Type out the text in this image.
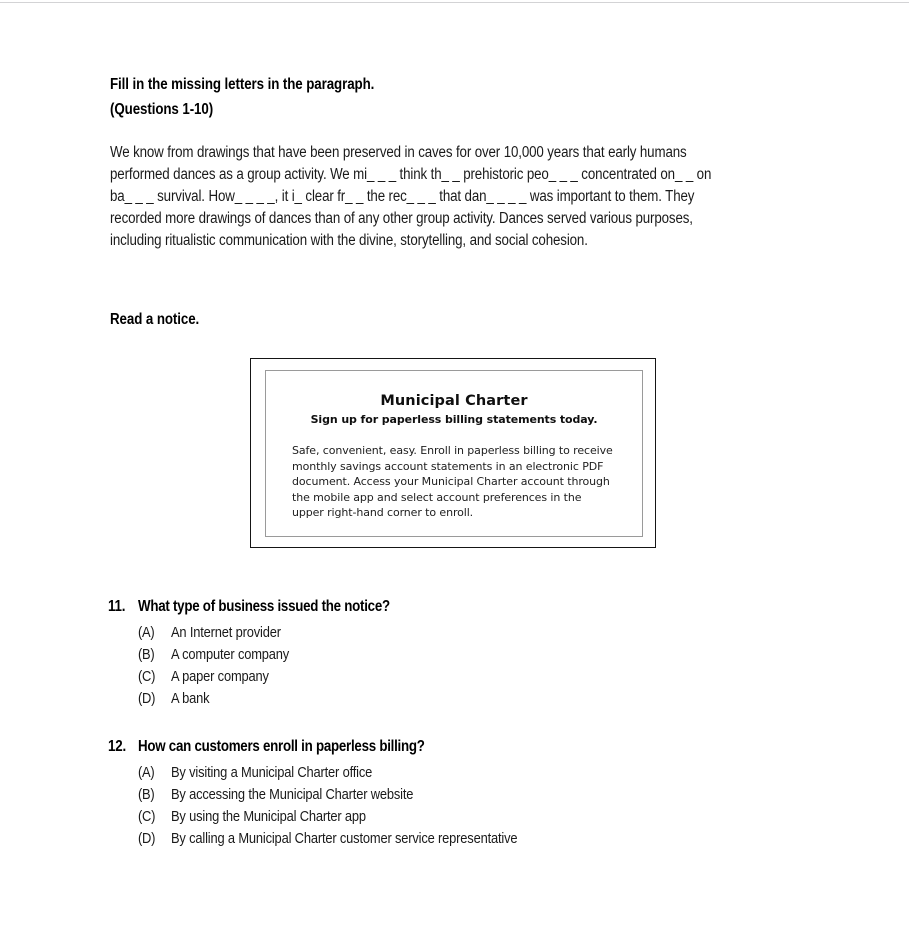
Fill in the missing letters in the paragraph.
(Questions 1-10)
We know from drawings that have been preserved in caves for over 10,000 years that early humans
performed dances as a group activity. We mi_ _ _ think th_ _ prehistoric peo_ _ _ concentrated on_ _ on
ba_ _ _ survival. How_ _ _ _, it i_ clear fr_ _ the rec_ _ _ that dan_ _ _ _ was important to them. They
recorded more drawings of dances than of any other group activity. Dances served various purposes,
including ritualistic communication with the divine, storytelling, and social cohesion.
Read a notice.
Municipal Charter
Sign up for paperless billing statements today.
Safe, convenient, easy. Enroll in paperless billing to receive monthly savings account statements in an electronic PDF document. Access your Municipal Charter account through the mobile app and select account preferences in the upper right-hand corner to enroll.
11. What type of business issued the notice?
(A)	An Internet provider
(B)	A computer company
(C)	A paper company
(D)	A bank
12. How can customers enroll in paperless billing?
(A)	By visiting a Municipal Charter office
(B)	By accessing the Municipal Charter website
(C)	By using the Municipal Charter app
(D)	By calling a Municipal Charter customer service representative
